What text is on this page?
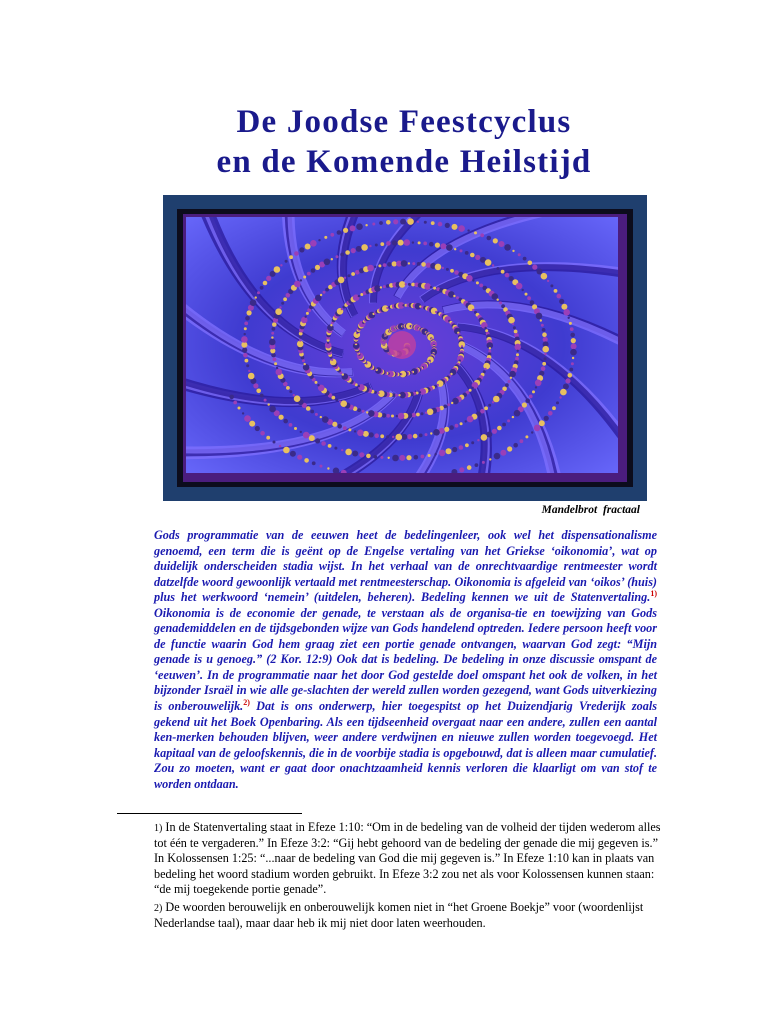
De Joodse Feestcyclus
en de Komende Heilstijd
Mandelbrot  fractaal
Gods programmatie van de eeuwen heet de bedelingenleer, ook wel het dispensationalisme genoemd, een term die is geënt op de Engelse vertaling van het Griekse ‘oikonomia’, wat op duidelijk onderscheiden stadia wijst. In het verhaal van de onrechtvaardige rentmeester wordt datzelfde woord gewoonlijk vertaald met rentmeesterschap. Oikonomia is afgeleid van ‘oikos’ (huis) plus het werkwoord ‘nemein’ (uitdelen, beheren). Bedeling kennen we uit de Statenvertaling.$^{1)}$ Oikonomia is de economie der genade, te verstaan als de organisa-tie en toewijzing van Gods genademiddelen en de tijdsgebonden wijze van Gods handelend optreden. Iedere persoon heeft voor de functie waarin God hem graag ziet een portie genade ontvangen, waarvan God zegt: “Mijn genade is u genoeg.” (2 Kor. 12:9) Ook dat is bedeling. De bedeling in onze discussie omspant de ‘eeuwen’. In de programmatie naar het door God gestelde doel omspant het ook de volken, in het bijzonder Israël in wie alle ge-slachten der wereld zullen worden gezegend, want Gods uitverkiezing is onberouwelijk.$^{2)}$ Dat is ons onderwerp, hier toegespitst op het Duizendjarig Vrederijk zoals gekend uit het Boek Openbaring. Als een tijdseenheid overgaat naar een andere, zullen een aantal ken-merken behouden blijven, weer andere verdwijnen en nieuwe zullen worden toegevoegd. Het kapitaal van de geloofskennis, die in de voorbije stadia is opgebouwd, dat is alleen maar cumulatief. Zou zo moeten, want er gaat door onachtzaamheid kennis verloren die klaarligt om van stof te worden ontdaan.
1) In de Statenvertaling staat in Efeze 1:10: “Om in de bedeling van de volheid der tijden wederom alles tot één te vergaderen.” In Efeze 3:2: “Gij hebt gehoord van de bedeling der genade die mij gegeven is.” In Kolossensen 1:25: “...naar de bedeling van God die mij gegeven is.” In Efeze 1:10 kan in plaats van bedeling het woord stadium worden gebruikt. In Efeze 3:2 zou net als voor Kolossensen kunnen staan: “de mij toegekende portie genade”.
2) De woorden berouwelijk en onberouwelijk komen niet in “het Groene Boekje” voor (woordenlijst Nederlandse taal), maar daar heb ik mij niet door laten weerhouden.
